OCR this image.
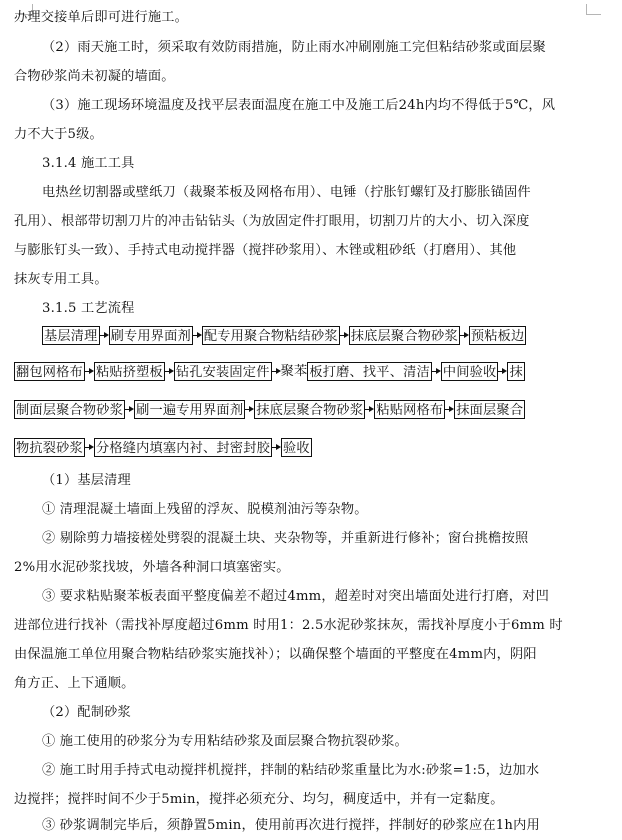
办理交接单后即可进行施工。
（2）雨天施工时，须采取有效防雨措施，防止雨水冲刷刚施工完但粘结砂浆或面层聚
合物砂浆尚未初凝的墙面。
（3）施工现场环境温度及找平层表面温度在施工中及施工后24h内均不得低于5℃，风
力不大于5级。
3.1.4 施工工具
电热丝切割器或壁纸刀（裁聚苯板及网格布用）、电锤（拧胀钉螺钉及打膨胀锚固件
孔用）、根部带切割刀片的冲击钻钻头（为放固定件打眼用，切割刀片的大小、切入深度
与膨胀钉头一致）、手持式电动搅拌器（搅拌砂浆用）、木锉或粗砂纸（打磨用）、其他
抹灰专用工具。
3.1.5 工艺流程
基层清理 刷专用界面剂 配专用聚合物粘结砂浆 抹底层聚合物砂浆 预粘板边
翻包网格布 粘贴挤塑板 钻孔安装固定件 聚苯 板打磨、找平、清洁 中间验收 抹
制面层聚合物砂浆 刷一遍专用界面剂 抹底层聚合物砂浆 粘贴网格布 抹面层聚合
物抗裂砂浆 分格缝内填塞内衬、封密封胶 验收
（1）基层清理
① 清理混凝土墙面上残留的浮灰、脱模剂油污等杂物。
② 剔除剪力墙接槎处劈裂的混凝土块、夹杂物等，并重新进行修补；窗台挑檐按照
2%用水泥砂浆找坡，外墙各种洞口填塞密实。
③ 要求粘贴聚苯板表面平整度偏差不超过4mm，超差时对突出墙面处进行打磨，对凹
进部位进行找补（需找补厚度超过6mm 时用1：2.5水泥砂浆抹灰，需找补厚度小于6mm 时
由保温施工单位用聚合物粘结砂浆实施找补）；以确保整个墙面的平整度在4mm内，阴阳
角方正、上下通顺。
（2）配制砂浆
① 施工使用的砂浆分为专用粘结砂浆及面层聚合物抗裂砂浆。
② 施工时用手持式电动搅拌机搅拌，拌制的粘结砂浆重量比为水:砂浆=1:5，边加水
边搅拌；搅拌时间不少于5min，搅拌必须充分、均匀，稠度适中，并有一定黏度。
③ 砂浆调制完毕后，须静置5min，使用前再次进行搅拌，拌制好的砂浆应在1h内用
